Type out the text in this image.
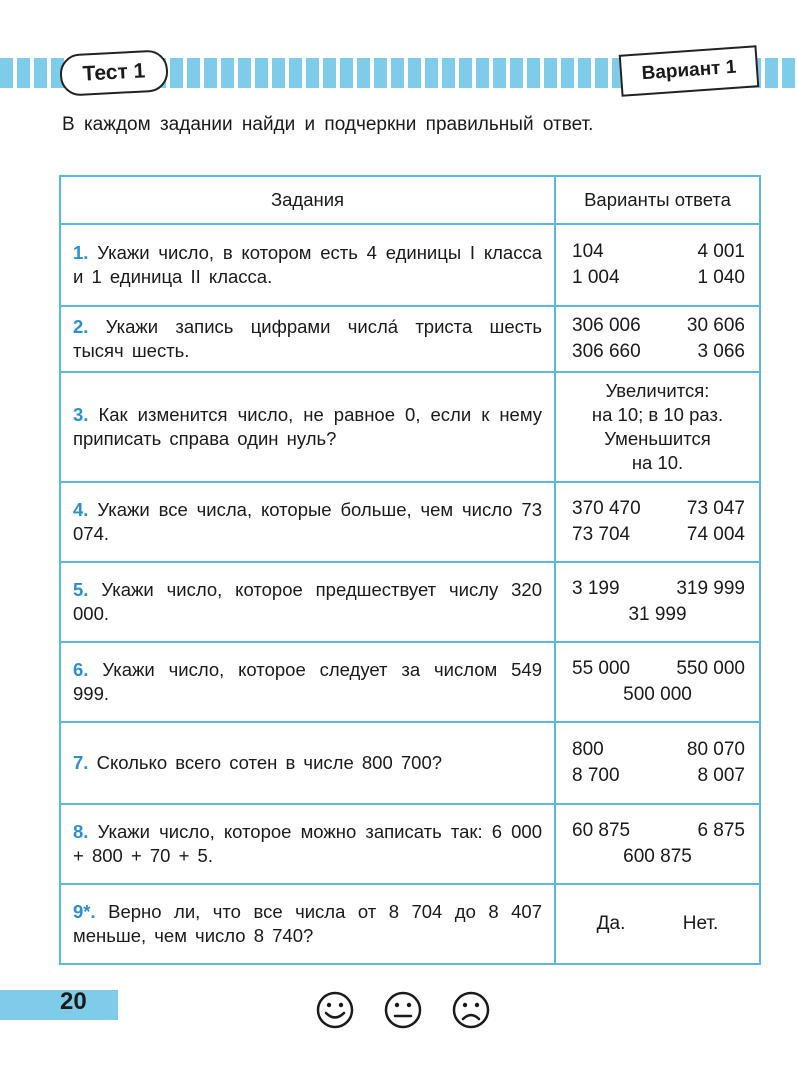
Тест 1	Вариант 1
В каждом задании найди и подчеркни правильный ответ.
Задания	Варианты ответа

1. Укажи число, в котором есть 4 единицы I класса и 1 единица II класса.	104 4 001
1 004 1 040

2. Укажи запись цифрами числа́ триста шесть тысяч шесть.	306 006 30 606
306 660 3 066

3. Как изменится число, не равное 0, если к нему приписать справа один нуль?	Увеличится:
на 10; в 10 раз.
Уменьшится
на 10.

4. Укажи все числа, которые больше, чем число 73 074.	370 470 73 047
73 704 74 004

5. Укажи число, которое предшествует числу 320 000.	3 199 319 999
31 999

6. Укажи число, которое следует за числом 549 999.	55 000 550 000
500 000

7. Сколько всего сотен в числе 800 700?	800 80 070
8 700 8 007

8. Укажи число, которое можно записать так: 6 000 + 800 + 70 + 5.	60 875 6 875
600 875

9*. Верно ли, что все числа от 8 704 до 8 407 меньше, чем число 8 740?	Да. Нет.
20
